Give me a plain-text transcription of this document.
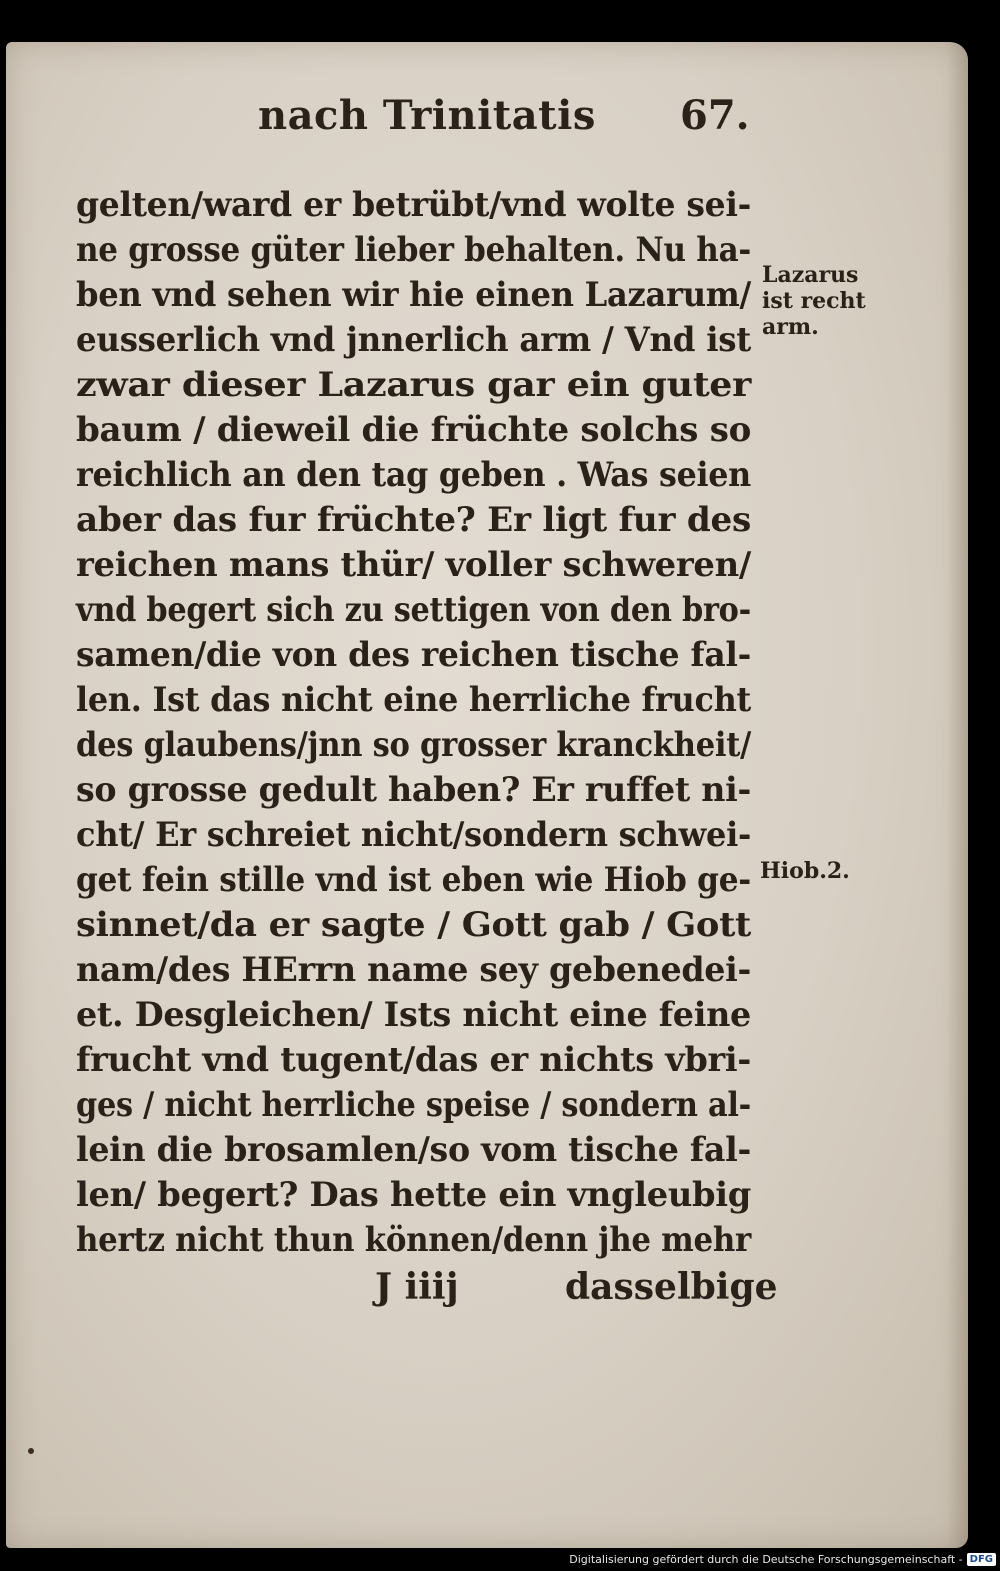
nach Trinitatis 67.
gelten/ward er betrübt/vnd wolte sei-
ne grosse güter lieber behalten. Nu ha-
ben vnd sehen wir hie einen Lazarum/
eusserlich vnd jnnerlich arm / Vnd ist
zwar dieser Lazarus gar ein guter
baum / dieweil die früchte solchs so
reichlich an den tag geben . Was seien
aber das fur früchte? Er ligt fur des
reichen mans thür/ voller schweren/
vnd begert sich zu settigen von den bro-
samen/die von des reichen tische fal-
len. Ist das nicht eine herrliche frucht
des glaubens/jnn so grosser kranckheit/
so grosse gedult haben? Er ruffet ni-
cht/ Er schreiet nicht/sondern schwei-
get fein stille vnd ist eben wie Hiob ge-
sinnet/da er sagte / Gott gab / Gott
nam/des HErrn name sey gebenedei-
et. Desgleichen/ Ists nicht eine feine
frucht vnd tugent/das er nichts vbri-
ges / nicht herrliche speise / sondern al-
lein die brosamlen/so vom tische fal-
len/ begert? Das hette ein vngleubig
hertz nicht thun können/denn jhe mehr
J iiij	dasselbige
Lazarus
ist recht
arm.
Hiob.2.
Digitalisierung gefördert durch die Deutsche Forschungsgemeinschaft - DFG
